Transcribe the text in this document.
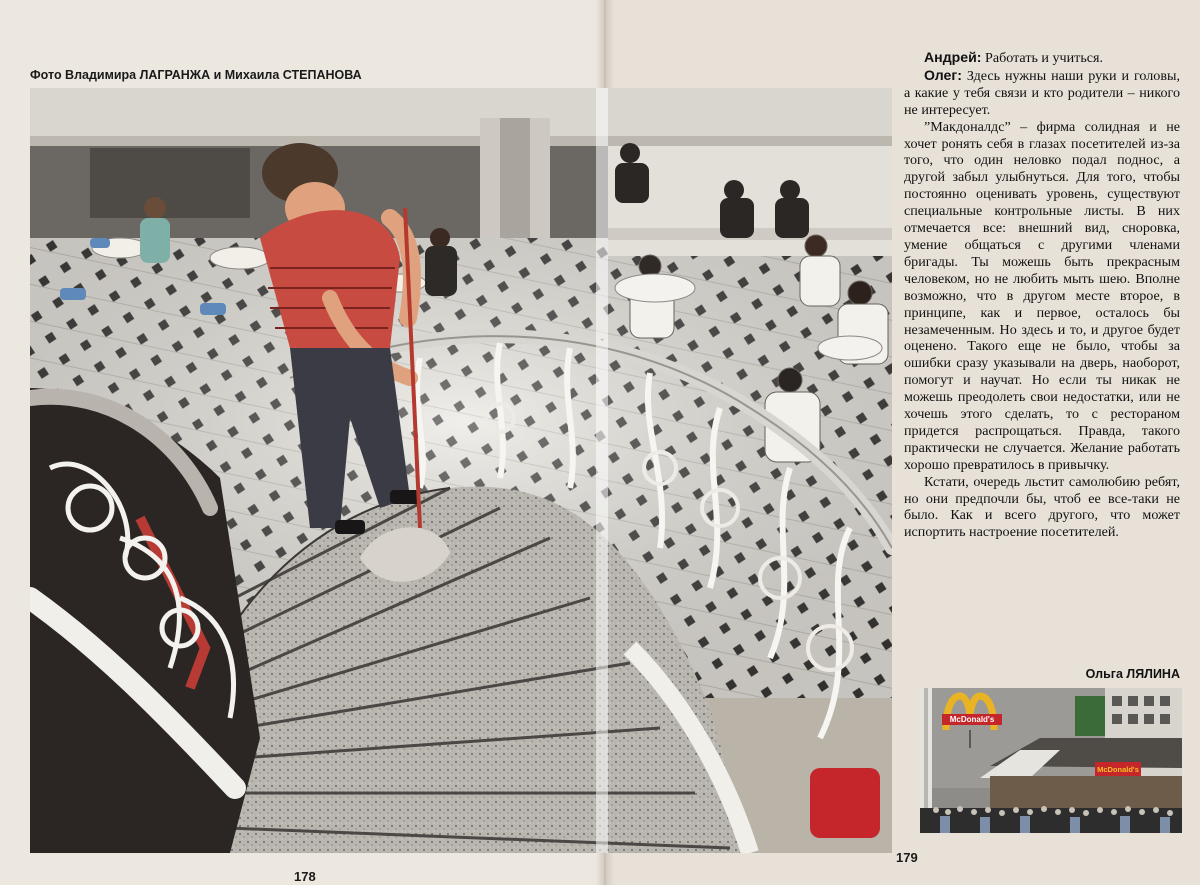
Фото Владимира ЛАГРАНЖА и Михаила СТЕПАНОВА
178
179

Андрей: Работать и учиться.

Олег: Здесь нужны наши руки и головы, а какие у тебя связи и кто родители – никого не интересует.

”Макдоналдс” – фирма солидная и не хочет ронять себя в глазах посетителей из-за того, что один неловко подал поднос, а другой забыл улыбнуться. Для того, чтобы постоянно оценивать уровень, существуют специальные контрольные листы. В них отмечается все: внешний вид, сноровка, умение общаться с другими членами бригады. Ты можешь быть прекрасным человеком, но не любить мыть шею. Вполне возможно, что в другом месте второе, в принципе, как и первое, осталось бы незамеченным. Но здесь и то, и другое будет оценено. Такого еще не было, чтобы за ошибки сразу указывали на дверь, наоборот, помогут и научат. Но если ты никак не можешь преодолеть свои недостатки, или не хочешь этого сделать, то с рестораном придется распрощаться. Правда, такого практически не случается. Желание работать хорошо превратилось в привычку.

Кстати, очередь льстит самолюбию ребят, но они предпочли бы, чтоб ее все-таки не было. Как и всего другого, что может испортить настроение посетителей.

Ольга ЛЯЛИНА
McDonald's
McDonald's
